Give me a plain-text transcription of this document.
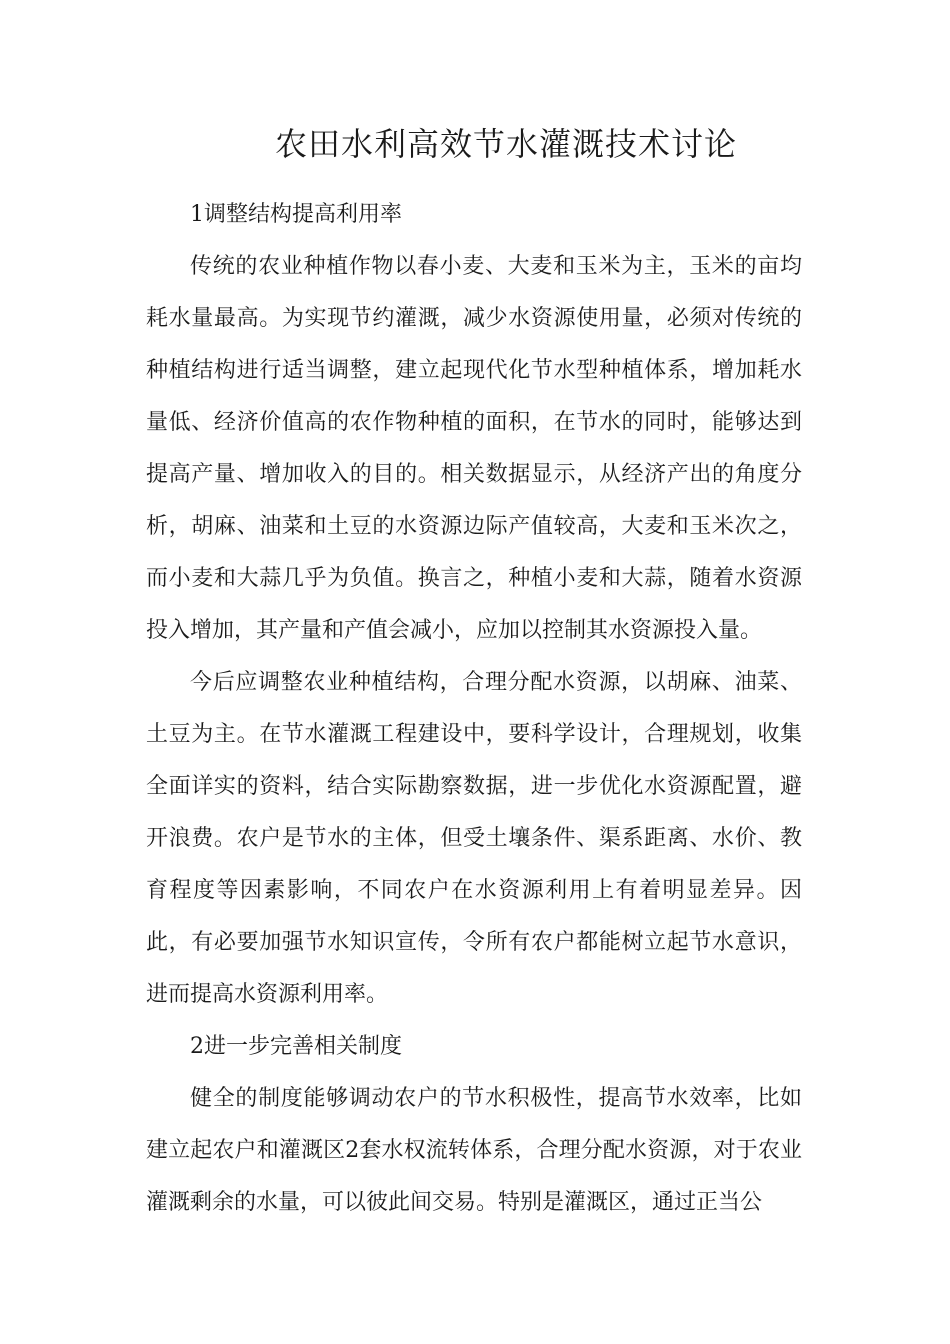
农田水利高效节水灌溉技术讨论

1调整结构提高利用率

传统的农业种植作物以春小麦、大麦和玉米为主，玉米的亩均耗水量最高。为实现节约灌溉，减少水资源使用量，必须对传统的种植结构进行适当调整，建立起现代化节水型种植体系，增加耗水量低、经济价值高的农作物种植的面积，在节水的同时，能够达到提高产量、增加收入的目的。相关数据显示，从经济产出的角度分析，胡麻、油菜和土豆的水资源边际产值较高，大麦和玉米次之，而小麦和大蒜几乎为负值。换言之，种植小麦和大蒜，随着水资源投入增加，其产量和产值会减小，应加以控制其水资源投入量。

今后应调整农业种植结构，合理分配水资源，以胡麻、油菜、土豆为主。在节水灌溉工程建设中，要科学设计，合理规划，收集全面详实的资料，结合实际勘察数据，进一步优化水资源配置，避开浪费。农户是节水的主体，但受土壤条件、渠系距离、水价、教育程度等因素影响，不同农户在水资源利用上有着明显差异。因此，有必要加强节水知识宣传，令所有农户都能树立起节水意识，进而提高水资源利用率。

2进一步完善相关制度

健全的制度能够调动农户的节水积极性，提高节水效率，比如建立起农户和灌溉区2套水权流转体系，合理分配水资源，对于农业灌溉剩余的水量，可以彼此间交易。特别是灌溉区，通过正当公
